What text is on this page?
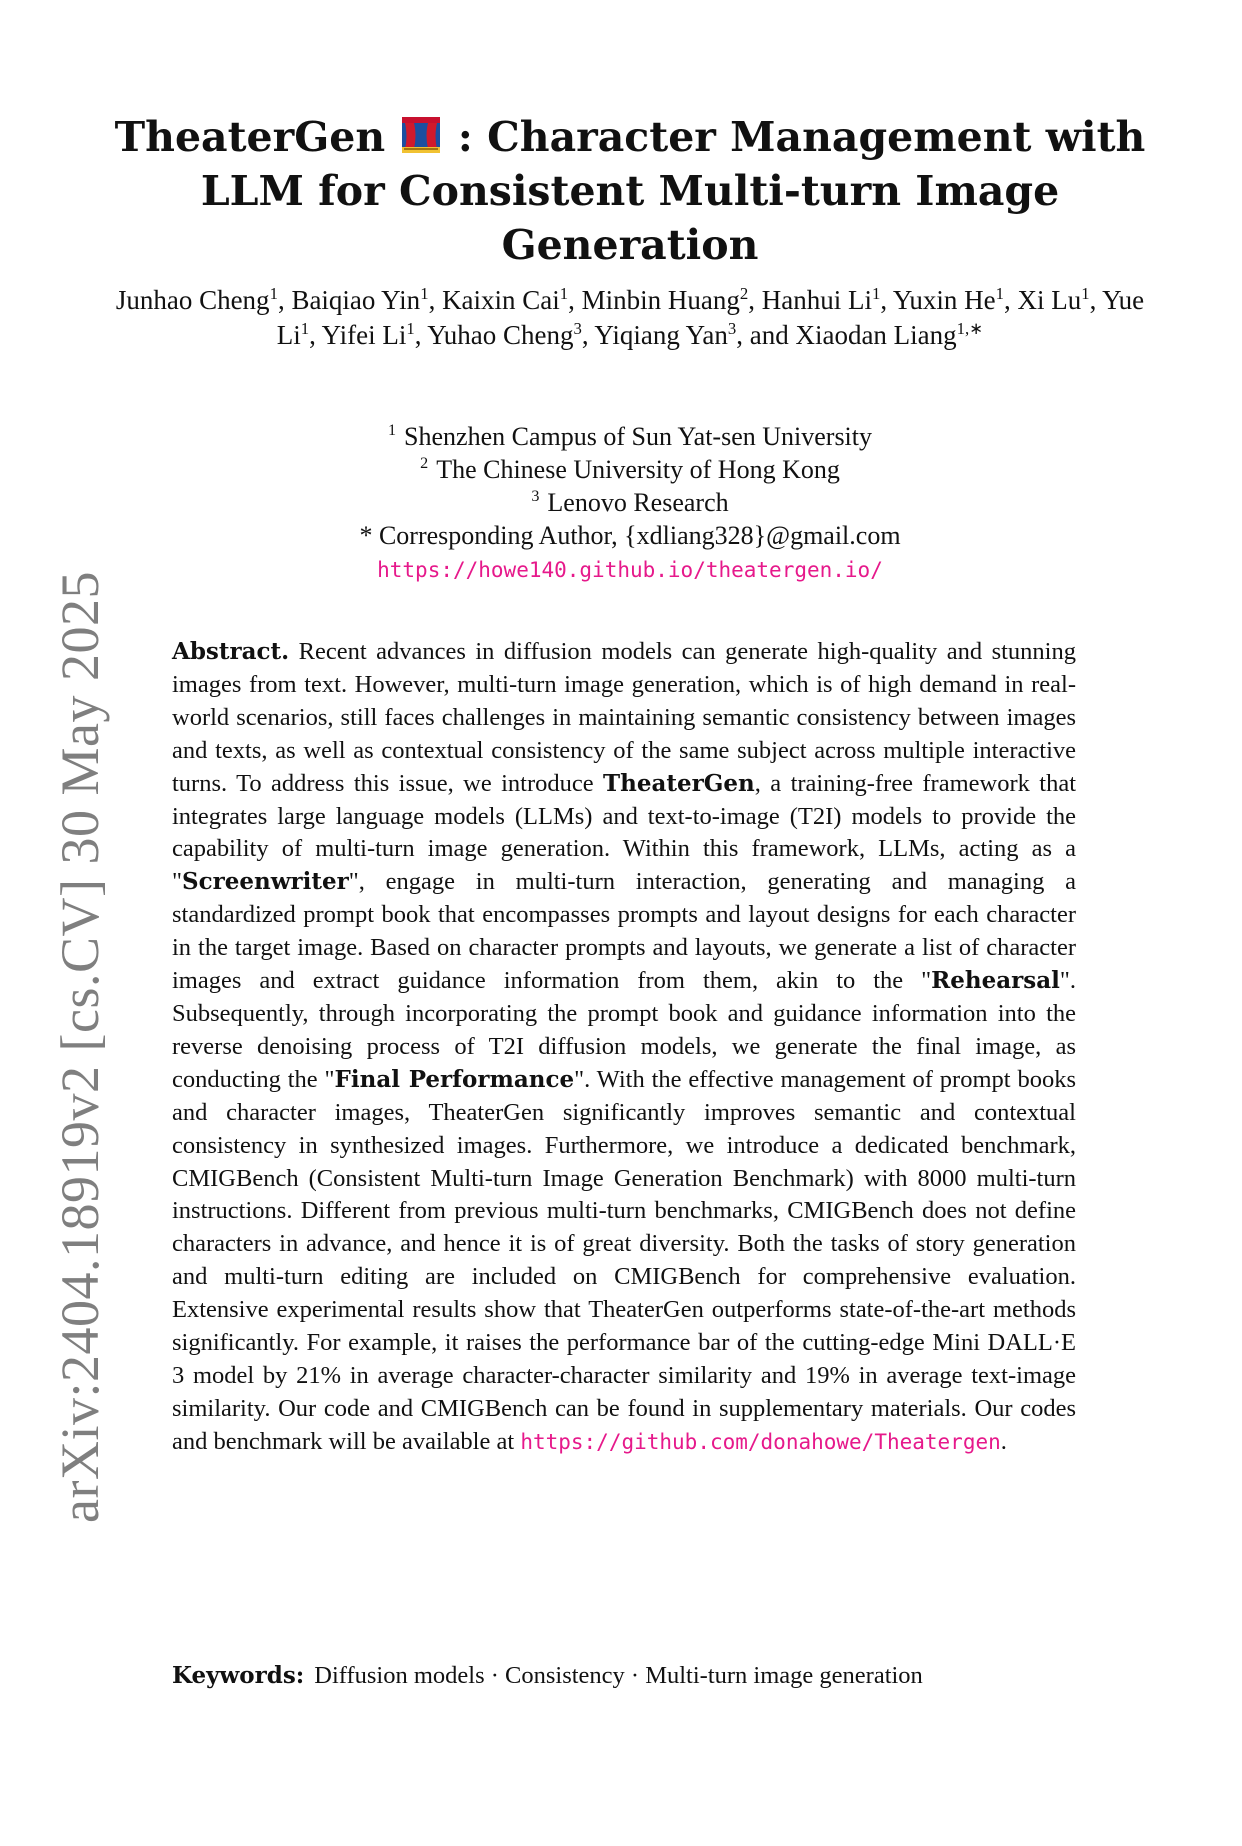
arXiv:2404.18919v2 [cs.CV] 30 May 2025
TheaterGen : Character Management with
LLM for Consistent Multi-turn Image Generation
Junhao Cheng$^1$, Baiqiao Yin$^1$, Kaixin Cai$^1$, Minbin Huang$^2$, Hanhui Li$^1$, Yuxin He$^1$, Xi Lu$^1$, Yue Li$^1$, Yifei Li$^1$, Yuhao Cheng$^3$, Yiqiang Yan$^3$, and Xiaodan Liang$^{1,∗}$
$^1$ Shenzhen Campus of Sun Yat-sen University
$^2$ The Chinese University of Hong Kong
$^3$ Lenovo Research
* Corresponding Author, {xdliang328}@gmail.com
https://howe140.github.io/theatergen.io/

Abstract. Recent advances in diffusion models can generate high-quality and stunning images from text. However, multi-turn image generation, which is of high demand in real-world scenarios, still faces challenges in maintaining semantic consistency between images and texts, as well as contextual consistency of the same subject across multiple interactive turns. To address this issue, we introduce TheaterGen, a training-free framework that integrates large language models (LLMs) and text-to-image (T2I) models to provide the capability of multi-turn image generation. Within this framework, LLMs, acting as a "Screenwriter", engage in multi-turn interaction, generating and managing a standardized prompt book that encompasses prompts and layout designs for each character in the target image. Based on character prompts and layouts, we generate a list of character images and extract guidance information from them, akin to the "Rehearsal". Subsequently, through incorporating the prompt book and guidance information into the reverse denoising process of T2I diffusion models, we generate the final image, as conducting the "Final Performance". With the effective management of prompt books and character images, TheaterGen significantly improves semantic and contextual consistency in synthesized images. Furthermore, we introduce a dedicated benchmark, CMIGBench (Consistent Multi-turn Image Generation Benchmark) with 8000 multi-turn instructions. Different from previous multi-turn benchmarks, CMIGBench does not define characters in advance, and hence it is of great diversity. Both the tasks of story generation and multi-turn editing are included on CMIGBench for comprehensive evaluation. Extensive experimental results show that TheaterGen outperforms state-of-the-art methods significantly. For example, it raises the performance bar of the cutting-edge Mini DALL·E 3 model by 21% in average character-character similarity and 19% in average text-image similarity. Our code and CMIGBench can be found in supplementary materials. Our codes and benchmark will be available at https://github.com/donahowe/Theatergen.

Keywords: Diffusion models · Consistency · Multi-turn image generation
